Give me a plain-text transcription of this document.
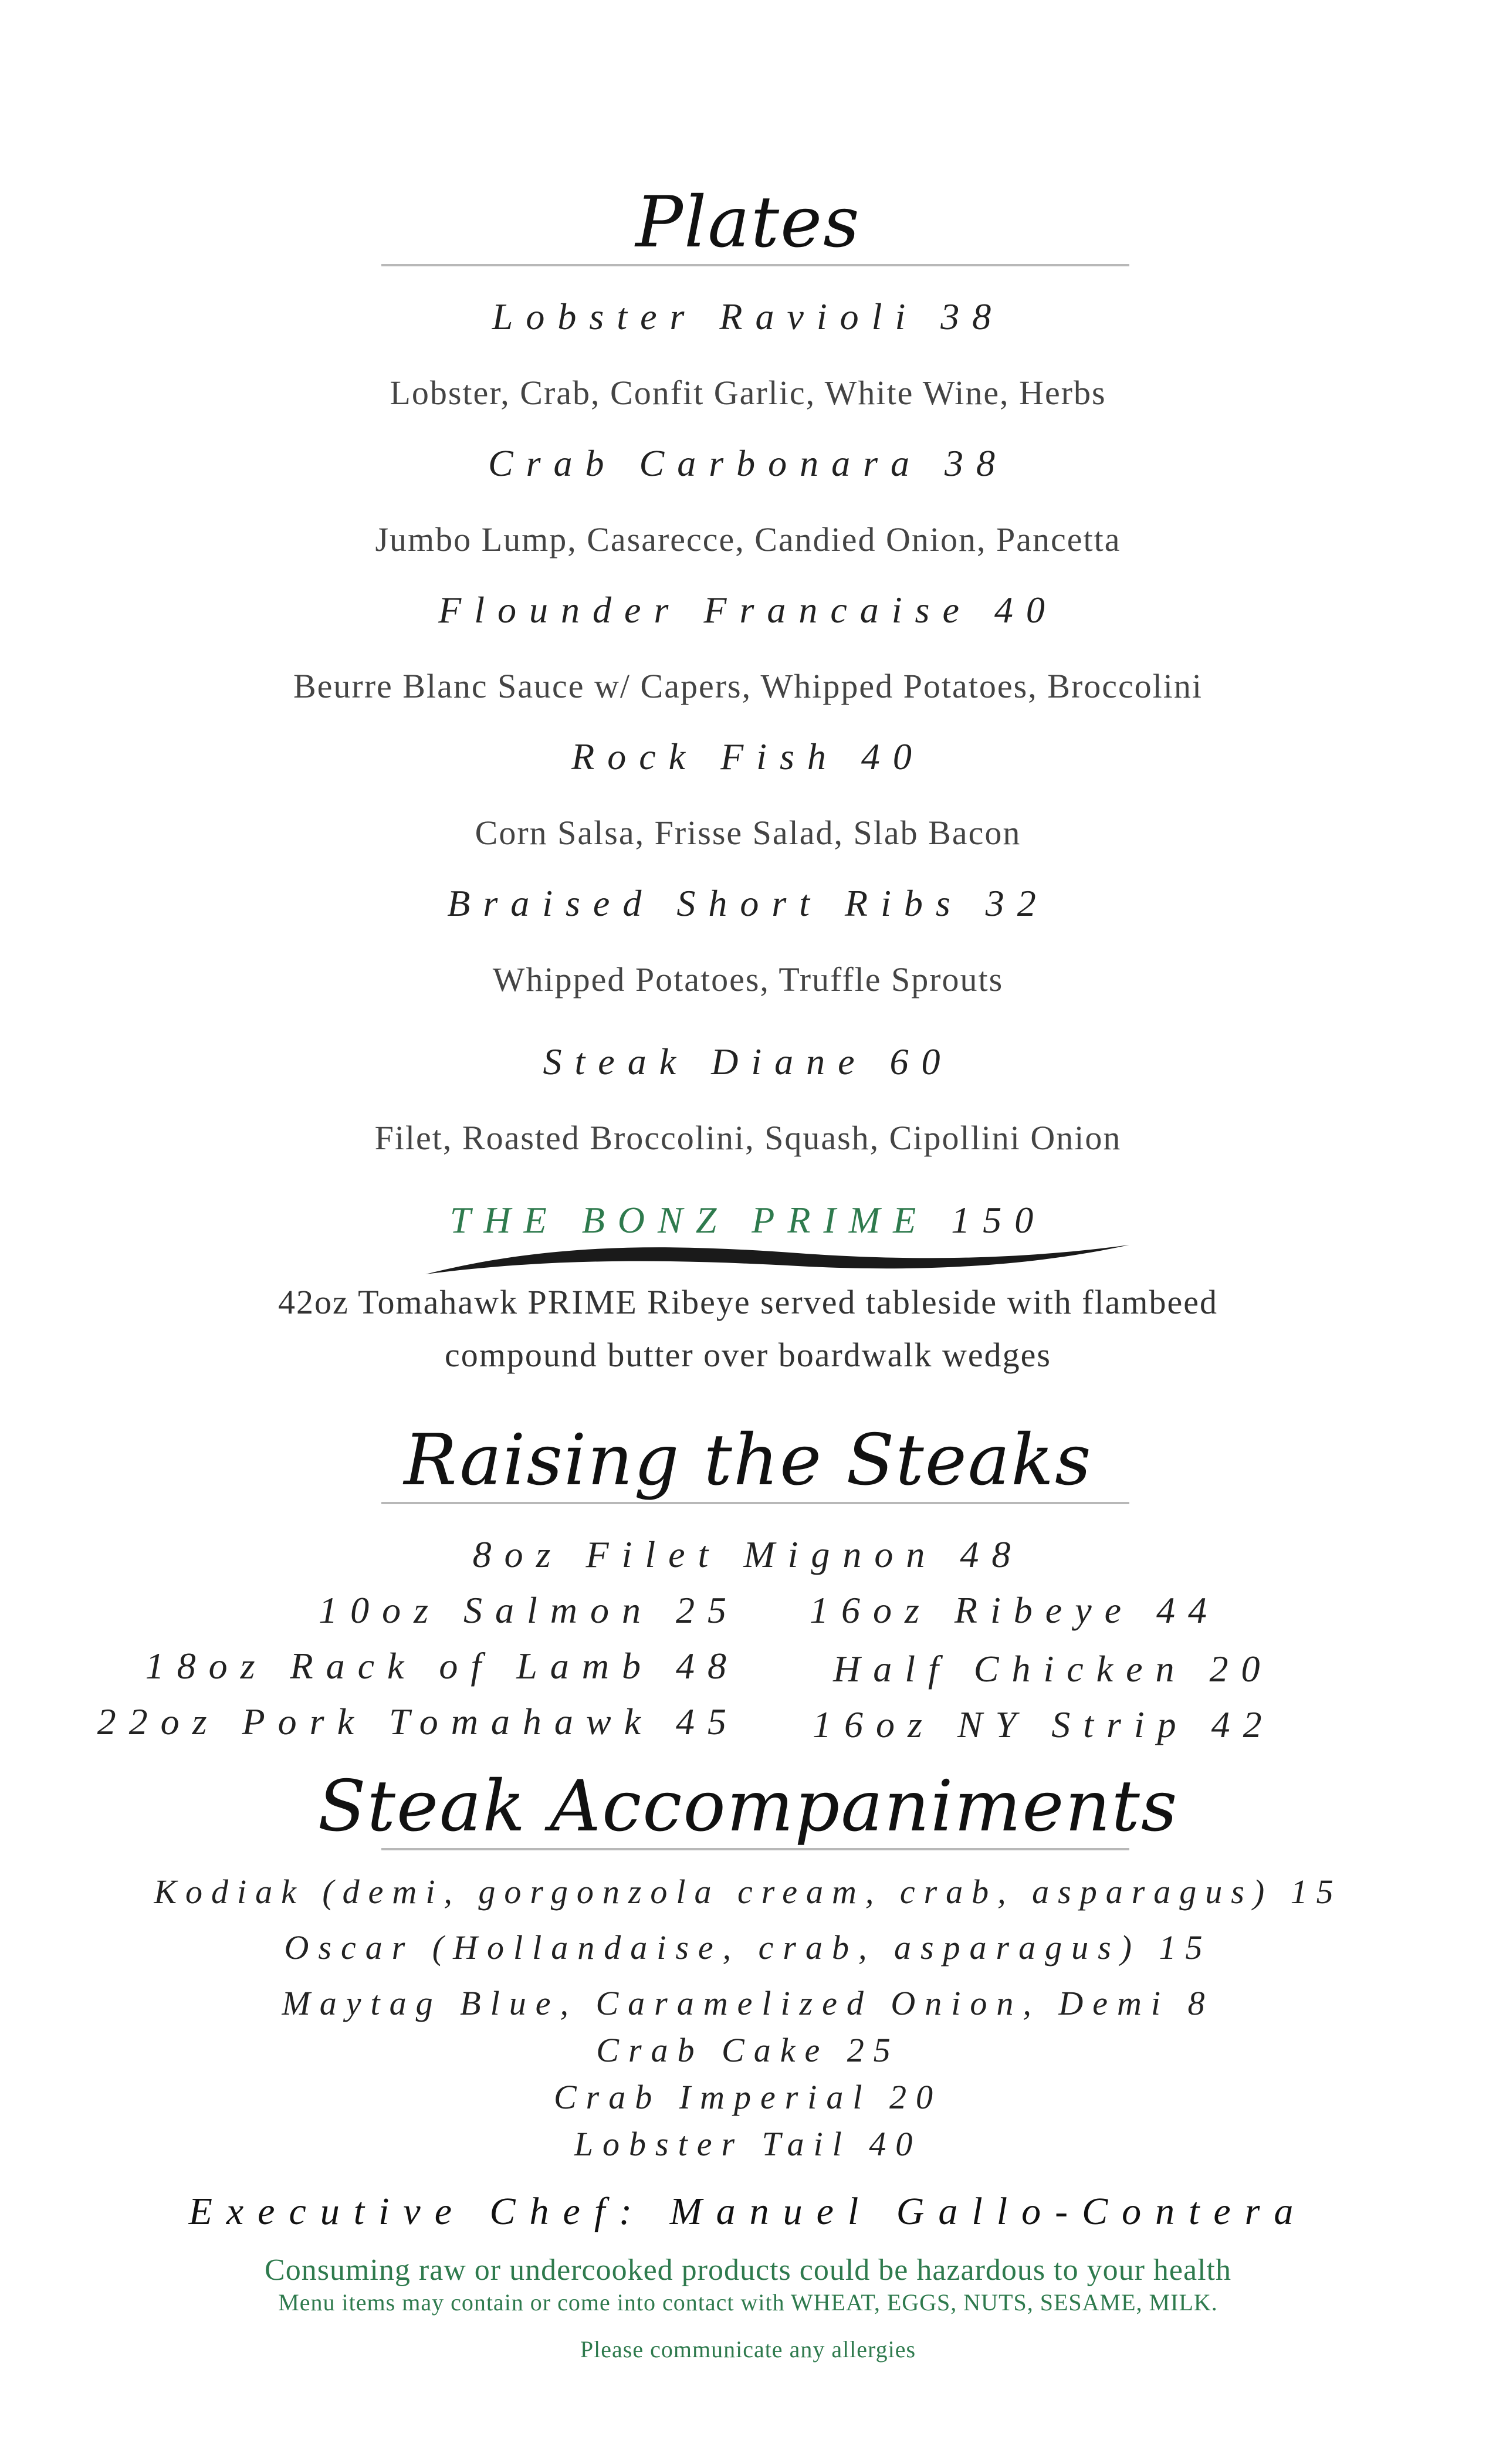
Plates
Lobster Ravioli 38
Lobster, Crab, Confit Garlic, White Wine, Herbs
Crab Carbonara 38
Jumbo Lump, Casarecce, Candied Onion, Pancetta
Flounder Francaise 40
Beurre Blanc Sauce w/ Capers, Whipped Potatoes, Broccolini
Rock Fish 40
Corn Salsa, Frisse Salad, Slab Bacon
Braised Short Ribs 32
Whipped Potatoes, Truffle Sprouts
Steak Diane 60
Filet, Roasted Broccolini, Squash, Cipollini Onion
THE BONZ PRIME 150
42oz Tomahawk PRIME Ribeye served tableside with flambeed
compound butter over boardwalk wedges
Raising the Steaks
8oz Filet Mignon 48
10oz Salmon 25
18oz Rack of Lamb 48
22oz Pork Tomahawk 45
16oz Ribeye 44
Half Chicken 20
16oz NY Strip 42
Steak Accompaniments
Kodiak (demi, gorgonzola cream, crab, asparagus) 15
Oscar (Hollandaise, crab, asparagus) 15
Maytag Blue, Caramelized Onion, Demi 8
Crab Cake 25
Crab Imperial 20
Lobster Tail 40
Executive Chef: Manuel Gallo-Contera
Consuming raw or undercooked products could be hazardous to your health
Menu items may contain or come into contact with WHEAT, EGGS, NUTS, SESAME, MILK.
Please communicate any allergies
